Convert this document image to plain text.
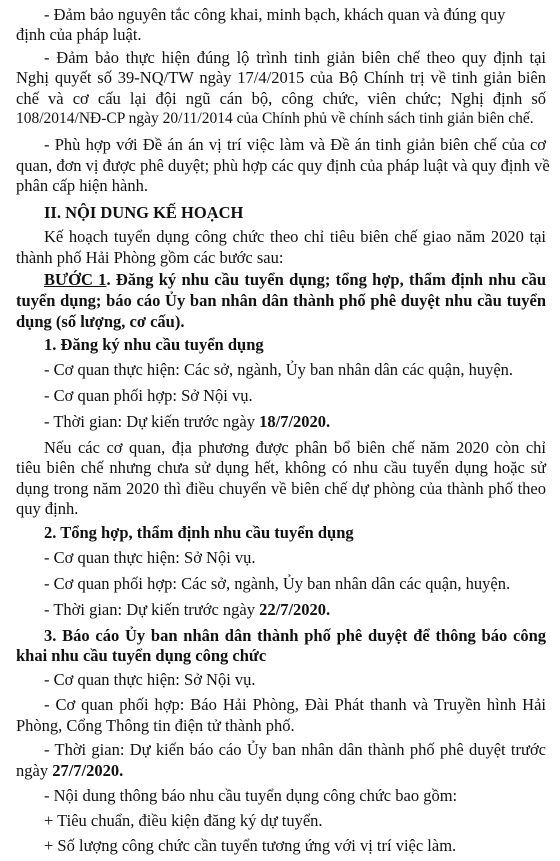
- Đảm bảo nguyên tắc công khai, minh bạch, khách quan và đúng quy
định của pháp luật.
- Đảm bảo thực hiện đúng lộ trình tinh giản biên chế theo quy định tại
Nghị quyết số 39-NQ/TW ngày 17/4/2015 của Bộ Chính trị về tinh giản biên
chế và cơ cấu lại đội ngũ cán bộ, công chức, viên chức; Nghị định số
108/2014/NĐ-CP ngày 20/11/2014 của Chính phủ về chính sách tinh giản biên chế.
- Phù hợp với Đề án án vị trí việc làm và Đề án tinh giản biên chế của cơ
quan, đơn vị được phê duyệt; phù hợp các quy định của pháp luật và quy định về
phân cấp hiện hành.
II. NỘI DUNG KẾ HOẠCH
Kế hoạch tuyển dụng công chức theo chỉ tiêu biên chế giao năm 2020 tại
thành phố Hải Phòng gồm các bước sau:
BƯỚC 1. Đăng ký nhu cầu tuyển dụng; tổng hợp, thẩm định nhu cầu
tuyển dụng; báo cáo Ủy ban nhân dân thành phố phê duyệt nhu cầu tuyển
dụng (số lượng, cơ cấu).
1. Đăng ký nhu cầu tuyển dụng
- Cơ quan thực hiện: Các sở, ngành, Ủy ban nhân dân các quận, huyện.
- Cơ quan phối hợp: Sở Nội vụ.
- Thời gian: Dự kiến trước ngày 18/7/2020.
Nếu các cơ quan, địa phương được phân bổ biên chế năm 2020 còn chỉ
tiêu biên chế nhưng chưa sử dụng hết, không có nhu cầu tuyển dụng hoặc sử
dụng trong năm 2020 thì điều chuyển về biên chế dự phòng của thành phố theo
quy định.
2. Tổng hợp, thẩm định nhu cầu tuyển dụng
- Cơ quan thực hiện: Sở Nội vụ.
- Cơ quan phối hợp: Các sở, ngành, Ủy ban nhân dân các quận, huyện.
- Thời gian: Dự kiến trước ngày 22/7/2020.
3. Báo cáo Ủy ban nhân dân thành phố phê duyệt để thông báo công
khai nhu cầu tuyển dụng công chức
- Cơ quan thực hiện: Sở Nội vụ.
- Cơ quan phối hợp: Báo Hải Phòng, Đài Phát thanh và Truyền hình Hải
Phòng, Cổng Thông tin điện tử thành phố.
- Thời gian: Dự kiến báo cáo Ủy ban nhân dân thành phố phê duyệt trước
ngày 27/7/2020.
- Nội dung thông báo nhu cầu tuyển dụng công chức bao gồm:
+ Tiêu chuẩn, điều kiện đăng ký dự tuyển.
+ Số lượng công chức cần tuyển tương ứng với vị trí việc làm.
